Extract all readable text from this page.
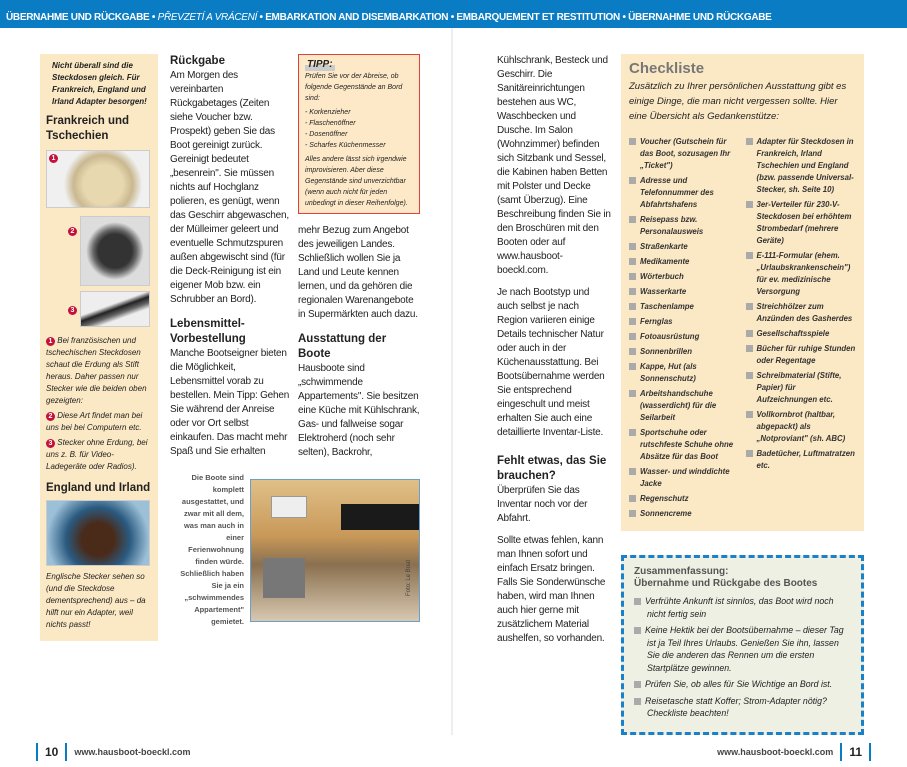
ÜBERNAHME UND RÜCKGABE • PŘEVZETÍ A VRÁCENÍ • EMBARKATION AND DISEMBARKATION • EMBARQUEMENT ET RESTITUTION • ÜBERNAHME UND RÜCKGABE
Nicht überall sind die Steckdosen gleich. Für Frankreich, England und Irland Adapter besorgen!
Frankreich und Tschechien
1
2
3

1 Bei französischen und tschechischen Steckdosen schaut die Erdung als Stift heraus. Daher passen nur Stecker wie die beiden oben gezeigten:

2 Diese Art findet man bei uns bei bei Computern etc.

3 Stecker ohne Erdung, bei uns z. B. für Video-Ladegeräte oder Radios).

England und Irland
Englische Stecker sehen so (und die Steckdose dementsprechend) aus – da hilft nur ein Adapter, weil nichts passt!
Rückgabe
Am Morgen des vereinbarten Rückgabetages (Zeiten siehe Voucher bzw. Prospekt) geben Sie das Boot gereinigt zurück. Gereinigt bedeutet „besenrein". Sie müssen nichts auf Hochglanz polieren, es genügt, wenn das Geschirr abgewaschen, der Mülleimer geleert und eventuelle Schmutzspuren außen abgewischt sind (für die Deck-Reinigung ist ein eigener Mob bzw. ein Schrubber an Bord).
Lebensmittel-Vorbestellung
Manche Bootseigner bieten die Möglichkeit, Lebensmittel vorab zu bestellen. Mein Tipp: Gehen Sie während der Anreise oder vor Ort selbst einkaufen. Das macht mehr Spaß und Sie erhalten
TIPP:
Prüfen Sie vor der Abreise, ob folgende Gegenstände an Bord sind:
- Korkenzieher
- Flaschenöffner
- Dosenöffner
- Scharfes Küchenmesser
Alles andere lässt sich irgendwie improvisieren. Aber diese Gegenstände sind unverzichtbar (wenn auch nicht für jeden unbedingt in dieser Reihenfolge).
mehr Bezug zum Angebot des jeweiligen Landes. Schließlich wollen Sie ja Land und Leute kennen lernen, und da gehören die regionalen Warenangebote in Supermärkten auch dazu.
Ausstattung der Boote
Hausboote sind „schwimmende Appartements". Sie besitzen eine Küche mit Kühlschrank, Gas- und fallweise sogar Elektroherd (noch sehr selten), Backrohr,
Die Boote sind komplett ausgestattet, und zwar mit all dem, was man auch in einer Ferienwohnung finden würde. Schließlich haben Sie ja ein „schwimmendes Appartement" gemietet.
Foto: Le Boat
Kühlschrank, Besteck und Geschirr. Die Sanitäreinrichtungen bestehen aus WC, Waschbecken und Dusche. Im Salon (Wohnzimmer) befinden sich Sitzbank und Sessel, die Kabinen haben Betten mit Polster und Decke (samt Überzug). Eine Beschreibung finden Sie in den Broschüren mit den Booten oder auf www.hausboot-boeckl.com.
Je nach Bootstyp und auch selbst je nach Region variieren einige Details technischer Natur oder auch in der Küchenausstattung. Bei Bootsübernahme werden Sie entsprechend eingeschult und meist erhalten Sie auch eine detaillierte Inventar-Liste.
Fehlt etwas, das Sie brauchen?
Überprüfen Sie das Inventar noch vor der Abfahrt.
Sollte etwas fehlen, kann man Ihnen sofort und einfach Ersatz bringen. Falls Sie Sonderwünsche haben, wird man Ihnen auch hier gerne mit zusätzlichem Material aushelfen, so vorhanden.
Checkliste
Zusätzlich zu Ihrer persönlichen Ausstattung gibt es einige Dinge, die man nicht vergessen sollte. Hier eine Übersicht als Gedankenstütze:
Voucher (Gutschein für das Boot, sozusagen Ihr „Ticket")
Adresse und Telefonnummer des Abfahrtshafens
Reisepass bzw. Personalausweis
Straßenkarte
Medikamente
Wörterbuch
Wasserkarte
Taschenlampe
Fernglas
Fotoausrüstung
Sonnenbrillen
Kappe, Hut (als Sonnenschutz)
Arbeitshandschuhe (wasserdicht) für die Seilarbeit
Sportschuhe oder rutschfeste Schuhe ohne Absätze für das Boot
Wasser- und winddichte Jacke
Regenschutz
Sonnencreme
Adapter für Steckdosen in Frankreich, Irland Tschechien und England (bzw. passende Universal-Stecker, sh. Seite 10)
3er-Verteiler für 230-V-Steckdosen bei erhöhtem Strombedarf (mehrere Geräte)
E-111-Formular (ehem. „Urlaubskrankenschein") für ev. medizinische Versorgung
Streichhölzer zum Anzünden des Gasherdes
Gesellschaftsspiele
Bücher für ruhige Stunden oder Regentage
Schreibmaterial (Stifte, Papier) für Aufzeichnungen etc.
Vollkornbrot (haltbar, abgepackt) als „Notproviant" (sh. ABC)
Badetücher, Luftmatratzen etc.
Zusammenfassung:
Übernahme und Rückgabe des Bootes
Verfrühte Ankunft ist sinnlos, das Boot wird noch nicht fertig sein
Keine Hektik bei der Bootsübernahme – dieser Tag ist ja Teil Ihres Urlaubs. Genießen Sie ihn, lassen Sie die anderen das Rennen um die ersten Startplätze gewinnen.
Prüfen Sie, ob alles für Sie Wichtige an Bord ist.
Reisetasche statt Koffer; Strom-Adapter nötig? Checkliste beachten!
10 www.hausboot-boeckl.com	www.hausboot-boeckl.com 11
